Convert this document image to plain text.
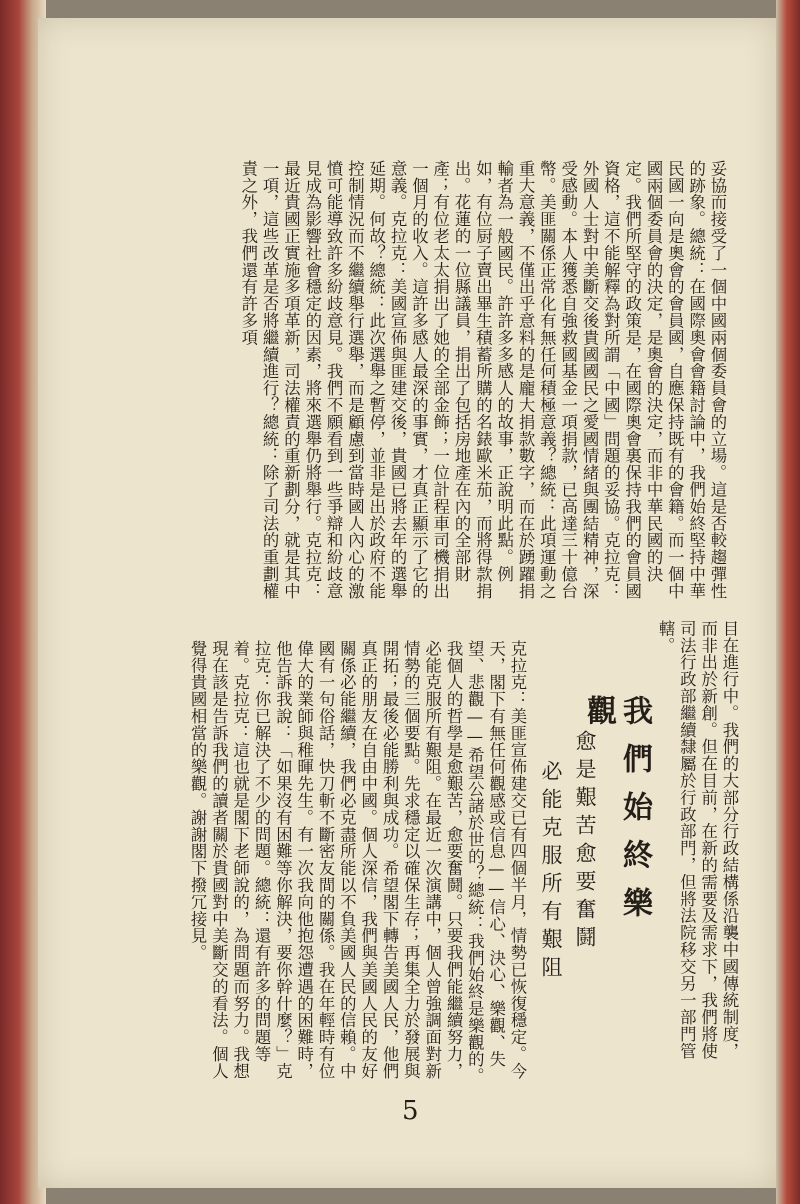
妥協而接受了一個中國兩個委員會的立場。這是否較趨彈性的跡象。總統：在國際奧會會籍討論中，我們始終堅持中華民國一向是奧會的會員國，自應保持既有的會籍。而一個中國兩個委員會的決定，是奧會的決定，而非中華民國的決定。我們所堅守的政策是，在國際奧會裏保持我們的會員國資格，這不能解釋為對所謂「中國」問題的妥協。克拉克：外國人士對中美斷交後貴國國民之愛國情緒與團結精神，深受感動。本人獲悉自強救國基金一項捐款，已高達三十億台幣。美匪關係正常化有無任何積極意義？總統：此項運動之重大意義，不僅出乎意料的是龐大捐款數字，而在於踴躍捐輸者為一般國民。許許多多感人的故事，正說明此點。例如，有位厨子賣出畢生積蓄所購的名錶歐米茄，而將得款捐出。花蓮的一位縣議員，捐出了包括房地產在內的全部財產；有位老太太捐出了她的全部金飾；一位計程車司機捐出一個月的收入。這許多感人最深的事實，才真正顯示了它的意義。克拉克：美國宣佈與匪建交後，貴國已將去年的選舉延期。何故？總統：此次選舉之暫停，並非是出於政府不能控制情況而不繼續舉行選舉，而是顧慮到當時國人內心的激憤可能導致許多紛歧意見。我們不願看到一些爭辯和紛歧意見成為影響社會穩定的因素，將來選舉仍將舉行。克拉克：最近貴國正實施多項革新，司法權責的重新劃分，就是其中一項，這些改革是否將繼續進行？總統：除了司法的重劃權責之外，我們還有許多項
目在進行中。我們的大部分行政結構係沿襲中國傳統制度，而非出於新創。但在目前，在新的需要及需求下，我們將使司法行政部繼續隸屬於行政部門，但將法院移交另一部門管轄。
我們始終樂觀
愈是艱苦愈要奮鬪
必能克服所有艱阻
克拉克：美匪宣佈建交已有四個半月，情勢已恢復穩定。今天，閣下有無任何觀感或信息——信心、決心、樂觀、失望、悲觀——希望公諸於世的？總統：我們始終是樂觀的。我個人的哲學是愈艱苦，愈要奮鬪。只要我們能繼續努力，必能克服所有艱阻。在最近一次演講中，個人曾強調面對新情勢的三個要點。先求穩定以確保生存；再集全力於發展與開拓；最後必能勝利與成功。希望閣下轉告美國人民，他們真正的朋友在自由中國。個人深信，我們與美國人民的友好關係必能繼續，我們必克盡所能以不負美國人民的信賴。中國有一句俗話，快刀斬不斷密友間的關係。我在年輕時有位偉大的業師與稚暉先生。有一次我向他抱怨遭遇的困難時，他告訴我說：「如果沒有困難等你解決，要你幹什麼？」克拉克：你已解決了不少的問題。總統：還有許多的問題等着。克拉克：這也就是閣下老師說的，為問題而努力。我想現在該是告訴我們的讀者關於貴國對中美斷交的看法。個人覺得貴國相當的樂觀。謝謝閣下撥冗接見。
5
